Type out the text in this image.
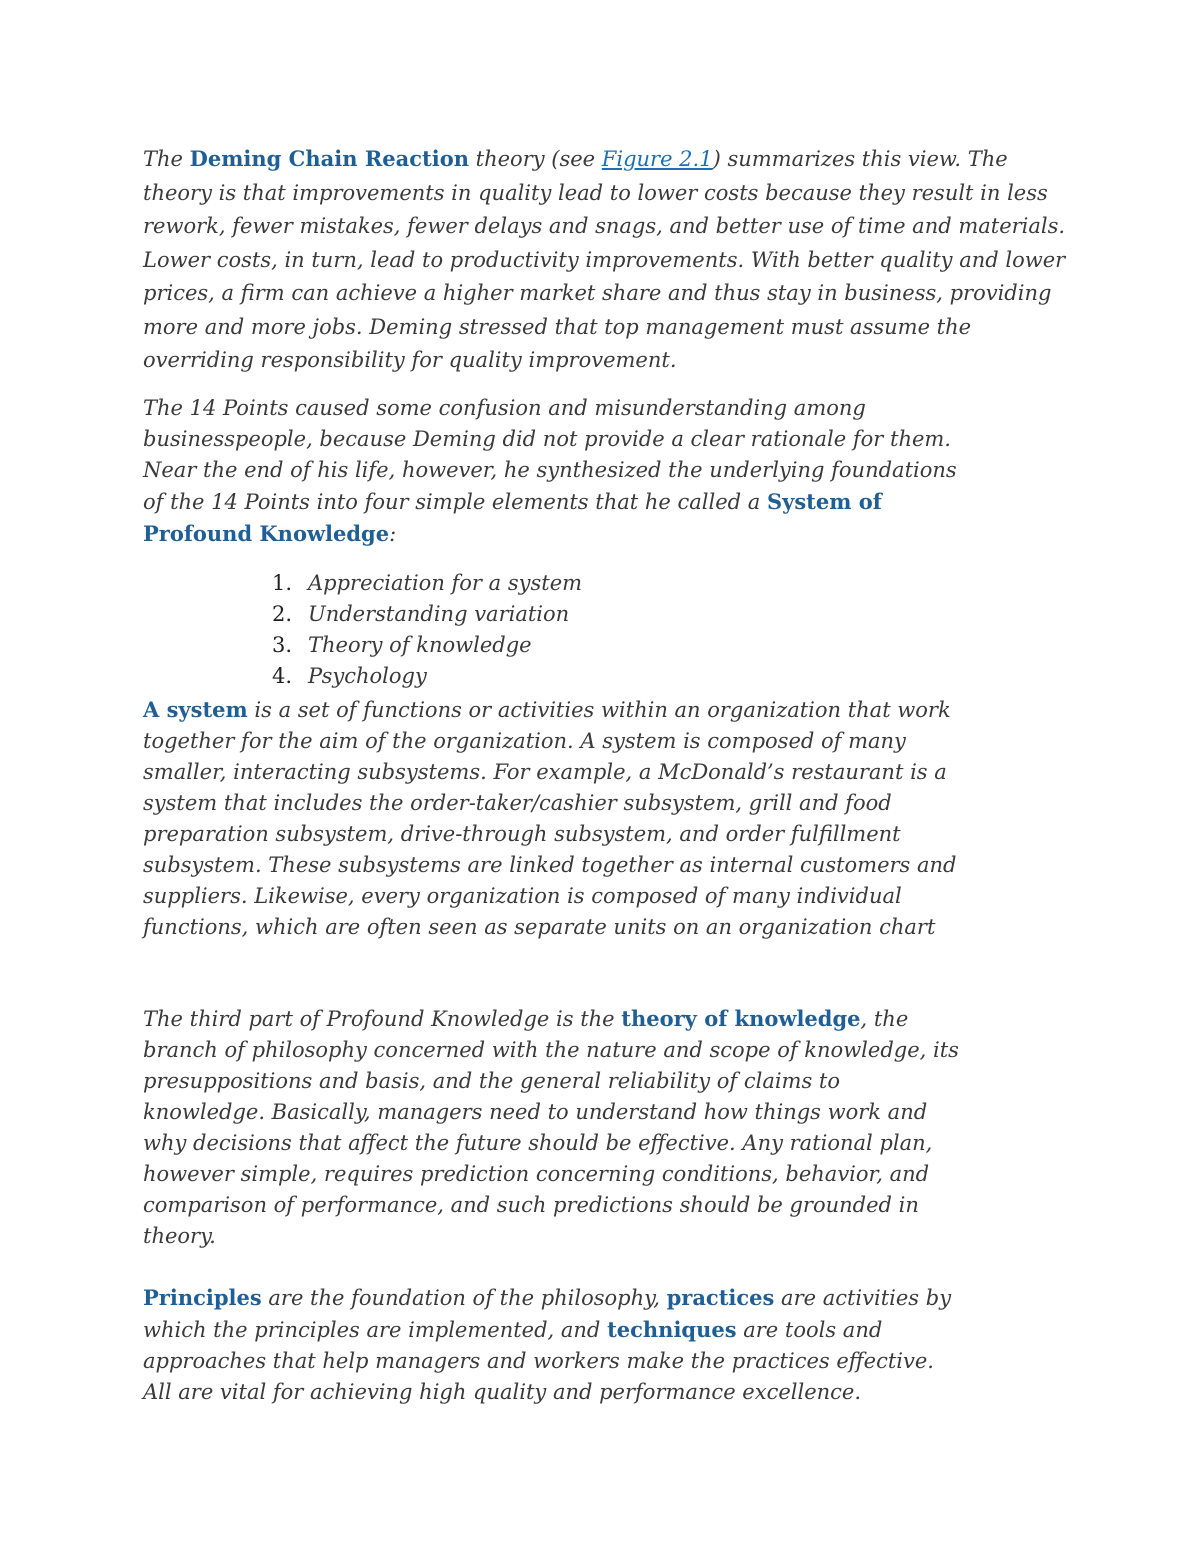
The Deming Chain Reaction theory (see Figure 2.1) summarizes this view. The theory is that improvements in quality lead to lower costs because they result in less rework, fewer mistakes, fewer delays and snags, and better use of time and materials. Lower costs, in turn, lead to productivity improvements. With better quality and lower prices, a firm can achieve a higher market share and thus stay in business, providing more and more jobs. Deming stressed that top management must assume the overriding responsibility for quality improvement.

The 14 Points caused some confusion and misunderstanding among businesspeople, because Deming did not provide a clear rationale for them. Near the end of his life, however, he synthesized the underlying foundations of the 14 Points into four simple elements that he called a System of Profound Knowledge:

1. Appreciation for a system
2. Understanding variation
3. Theory of knowledge
4. Psychology

A system is a set of functions or activities within an organization that work together for the aim of the organization. A system is composed of many smaller, interacting subsystems. For example, a McDonald’s restaurant is a system that includes the order-taker/cashier subsystem, grill and food preparation subsystem, drive-through subsystem, and order fulfillment subsystem. These subsystems are linked together as internal customers and suppliers. Likewise, every organization is composed of many individual functions, which are often seen as separate units on an organization chart

The third part of Profound Knowledge is the theory of knowledge, the branch of philosophy concerned with the nature and scope of knowledge, its presuppositions and basis, and the general reliability of claims to knowledge. Basically, managers need to understand how things work and why decisions that affect the future should be effective. Any rational plan, however simple, requires prediction concerning conditions, behavior, and comparison of performance, and such predictions should be grounded in theory.

Principles are the foundation of the philosophy, practices are activities by which the principles are implemented, and techniques are tools and approaches that help managers and workers make the practices effective. All are vital for achieving high quality and performance excellence.
